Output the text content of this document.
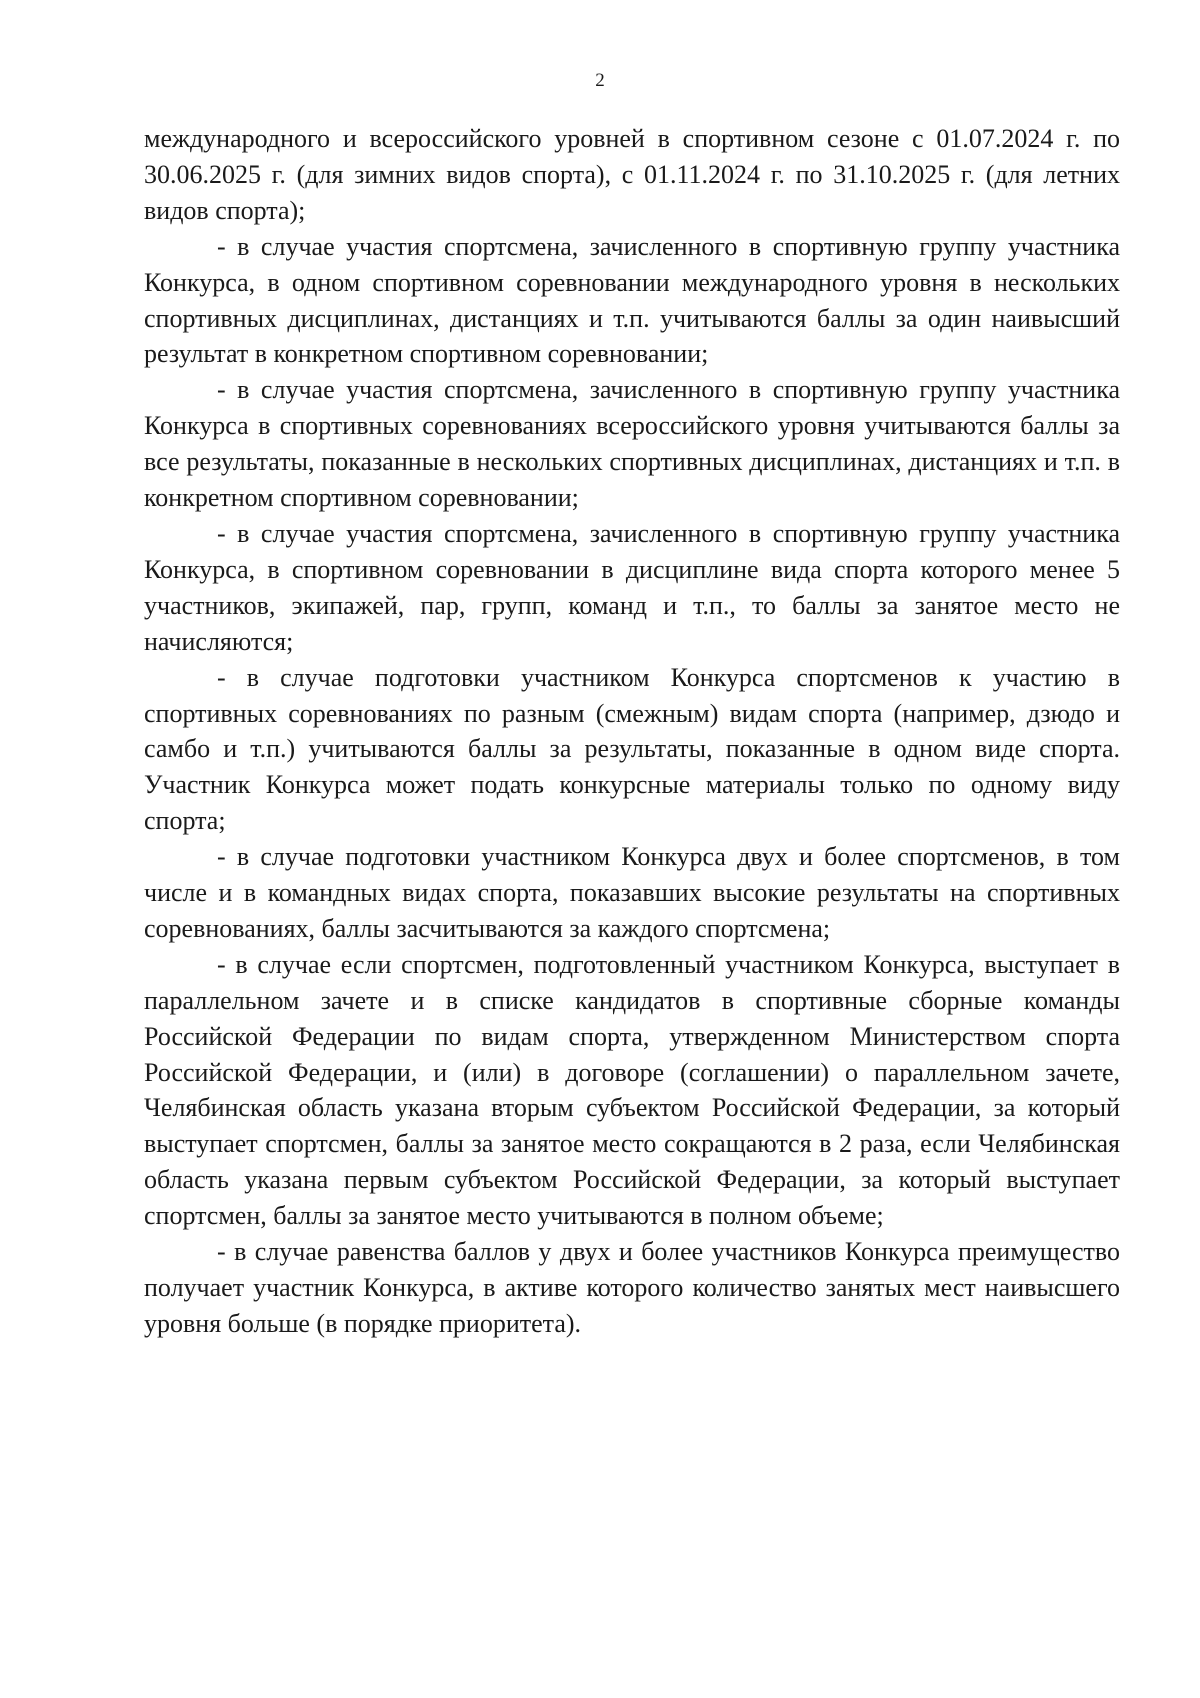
2

международного и всероссийского уровней в спортивном сезоне с 01.07.2024 г. по 30.06.2025 г. (для зимних видов спорта), с 01.11.2024 г. по 31.10.2025 г. (для летних видов спорта);

- в случае участия спортсмена, зачисленного в спортивную группу участника Конкурса, в одном спортивном соревновании международного уровня в нескольких спортивных дисциплинах, дистанциях и т.п. учитываются баллы за один наивысший результат в конкретном спортивном соревновании;

- в случае участия спортсмена, зачисленного в спортивную группу участника Конкурса в спортивных соревнованиях всероссийского уровня учитываются баллы за все результаты, показанные в нескольких спортивных дисциплинах, дистанциях и т.п. в конкретном спортивном соревновании;

- в случае участия спортсмена, зачисленного в спортивную группу участника Конкурса, в спортивном соревновании в дисциплине вида спорта которого менее 5 участников, экипажей, пар, групп, команд и т.п., то баллы за занятое место не начисляются;

- в случае подготовки участником Конкурса спортсменов к участию в спортивных соревнованиях по разным (смежным) видам спорта (например, дзюдо и самбо и т.п.) учитываются баллы за результаты, показанные в одном виде спорта. Участник Конкурса может подать конкурсные материалы только по одному виду спорта;

- в случае подготовки участником Конкурса двух и более спортсменов, в том числе и в командных видах спорта, показавших высокие результаты на спортивных соревнованиях, баллы засчитываются за каждого спортсмена;

- в случае если спортсмен, подготовленный участником Конкурса, выступает в параллельном зачете и в списке кандидатов в спортивные сборные команды Российской Федерации по видам спорта, утвержденном Министерством спорта Российской Федерации, и (или) в договоре (соглашении) о параллельном зачете, Челябинская область указана вторым субъектом Российской Федерации, за который выступает спортсмен, баллы за занятое место сокращаются в 2 раза, если Челябинская область указана первым субъектом Российской Федерации, за который выступает спортсмен, баллы за занятое место учитываются в полном объеме;

- в случае равенства баллов у двух и более участников Конкурса преимущество получает участник Конкурса, в активе которого количество занятых мест наивысшего уровня больше (в порядке приоритета).
